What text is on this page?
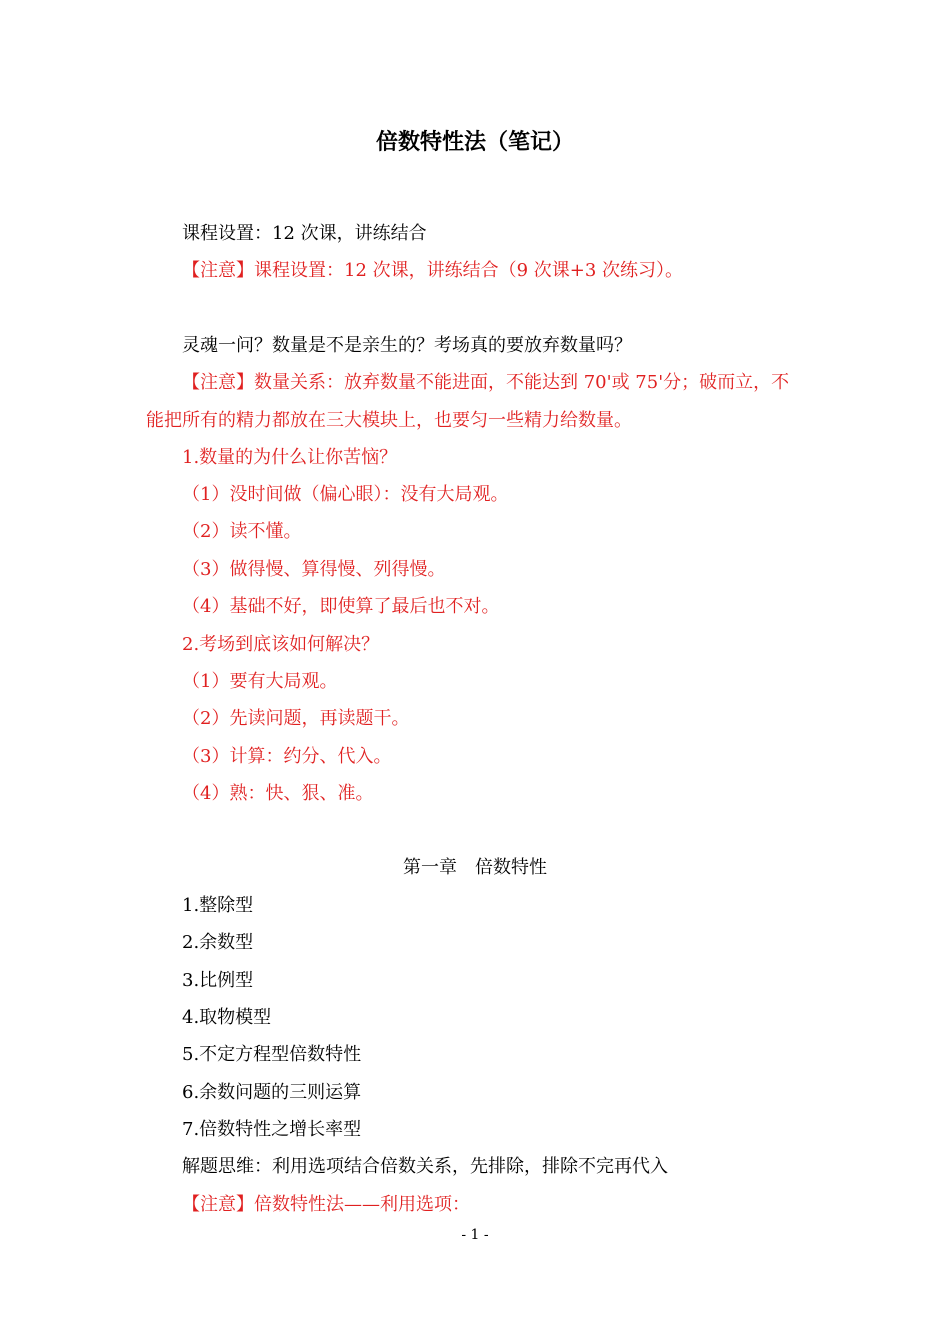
倍数特性法（笔记）
课程设置：12 次课，讲练结合
【注意】课程设置：12 次课，讲练结合（9 次课+3 次练习）。
灵魂一问？数量是不是亲生的？考场真的要放弃数量吗？
【注意】数量关系：放弃数量不能进面，不能达到 70'或 75'分；破而立，不
能把所有的精力都放在三大模块上，也要匀一些精力给数量。
1.数量的为什么让你苦恼？
（1）没时间做（偏心眼）：没有大局观。
（2）读不懂。
（3）做得慢、算得慢、列得慢。
（4）基础不好，即使算了最后也不对。
2.考场到底该如何解决？
（1）要有大局观。
（2）先读问题，再读题干。
（3）计算：约分、代入。
（4）熟：快、狠、准。
第一章　倍数特性
1.整除型
2.余数型
3.比例型
4.取物模型
5.不定方程型倍数特性
6.余数问题的三则运算
7.倍数特性之增长率型
解题思维：利用选项结合倍数关系，先排除，排除不完再代入
【注意】倍数特性法——利用选项：
- 1 -
